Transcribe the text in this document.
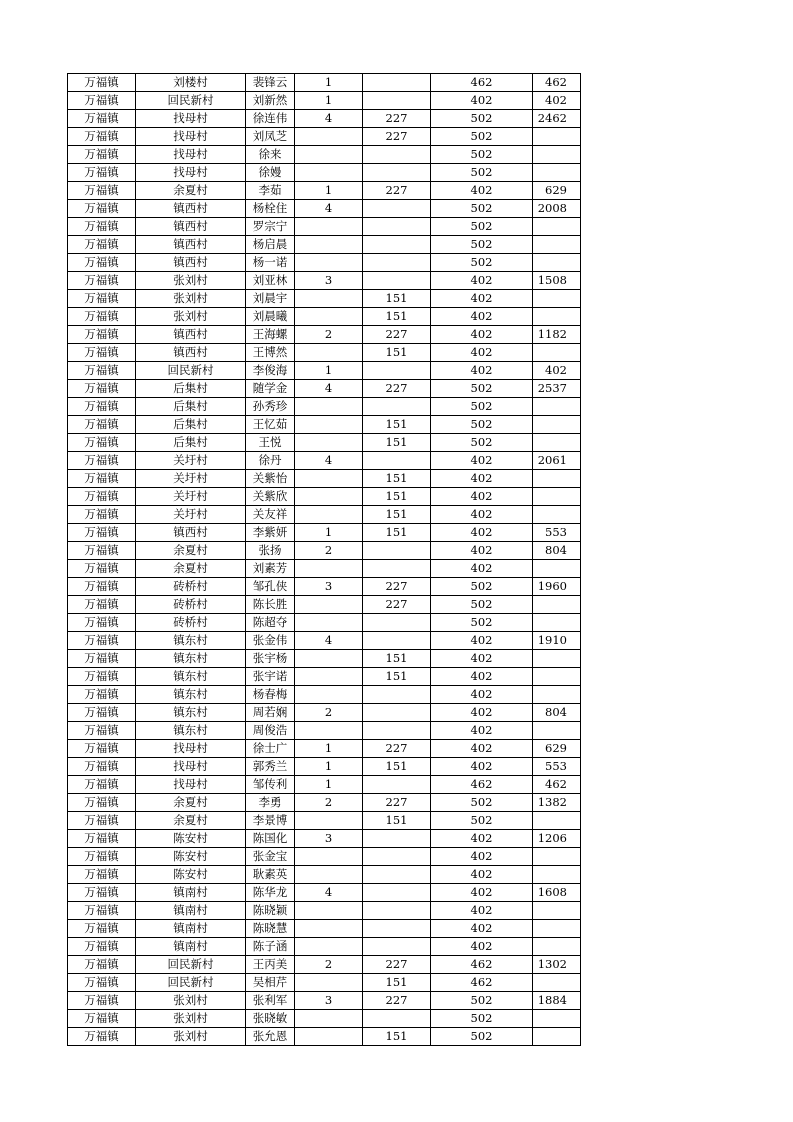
万福镇	刘楼村	裴锋云	1		462	462
万福镇	回民新村	刘新然	1		402	402
万福镇	找母村	徐连伟	4	227	502	2462
万福镇	找母村	刘凤芝		227	502	
万福镇	找母村	徐来			502	
万福镇	找母村	徐嫚			502	
万福镇	余夏村	李茹	1	227	402	629
万福镇	镇西村	杨栓住	4		502	2008
万福镇	镇西村	罗宗宁			502	
万福镇	镇西村	杨启晨			502	
万福镇	镇西村	杨一诺			502	
万福镇	张刘村	刘亚林	3		402	1508
万福镇	张刘村	刘晨宇		151	402	
万福镇	张刘村	刘晨曦		151	402	
万福镇	镇西村	王海螺	2	227	402	1182
万福镇	镇西村	王博然		151	402	
万福镇	回民新村	李俊海	1		402	402
万福镇	后集村	随学金	4	227	502	2537
万福镇	后集村	孙秀珍			502	
万福镇	后集村	王忆茹		151	502	
万福镇	后集村	王悦		151	502	
万福镇	关圩村	徐丹	4		402	2061
万福镇	关圩村	关紫怡		151	402	
万福镇	关圩村	关紫欣		151	402	
万福镇	关圩村	关友祥		151	402	
万福镇	镇西村	李紫妍	1	151	402	553
万福镇	余夏村	张扬	2		402	804
万福镇	余夏村	刘素芳			402	
万福镇	砖桥村	邹孔侠	3	227	502	1960
万福镇	砖桥村	陈长胜		227	502	
万福镇	砖桥村	陈超夺			502	
万福镇	镇东村	张金伟	4		402	1910
万福镇	镇东村	张宇杨		151	402	
万福镇	镇东村	张宇诺		151	402	
万福镇	镇东村	杨春梅			402	
万福镇	镇东村	周若娴	2		402	804
万福镇	镇东村	周俊浩			402	
万福镇	找母村	徐士广	1	227	402	629
万福镇	找母村	郭秀兰	1	151	402	553
万福镇	找母村	邹传利	1		462	462
万福镇	余夏村	李勇	2	227	502	1382
万福镇	余夏村	李景博		151	502	
万福镇	陈安村	陈国化	3		402	1206
万福镇	陈安村	张金宝			402	
万福镇	陈安村	耿素英			402	
万福镇	镇南村	陈华龙	4		402	1608
万福镇	镇南村	陈晓颖			402	
万福镇	镇南村	陈晓慧			402	
万福镇	镇南村	陈子涵			402	
万福镇	回民新村	王丙美	2	227	462	1302
万福镇	回民新村	吴相芹		151	462	
万福镇	张刘村	张利军	3	227	502	1884
万福镇	张刘村	张晓敏			502	
万福镇	张刘村	张允恩		151	502	
